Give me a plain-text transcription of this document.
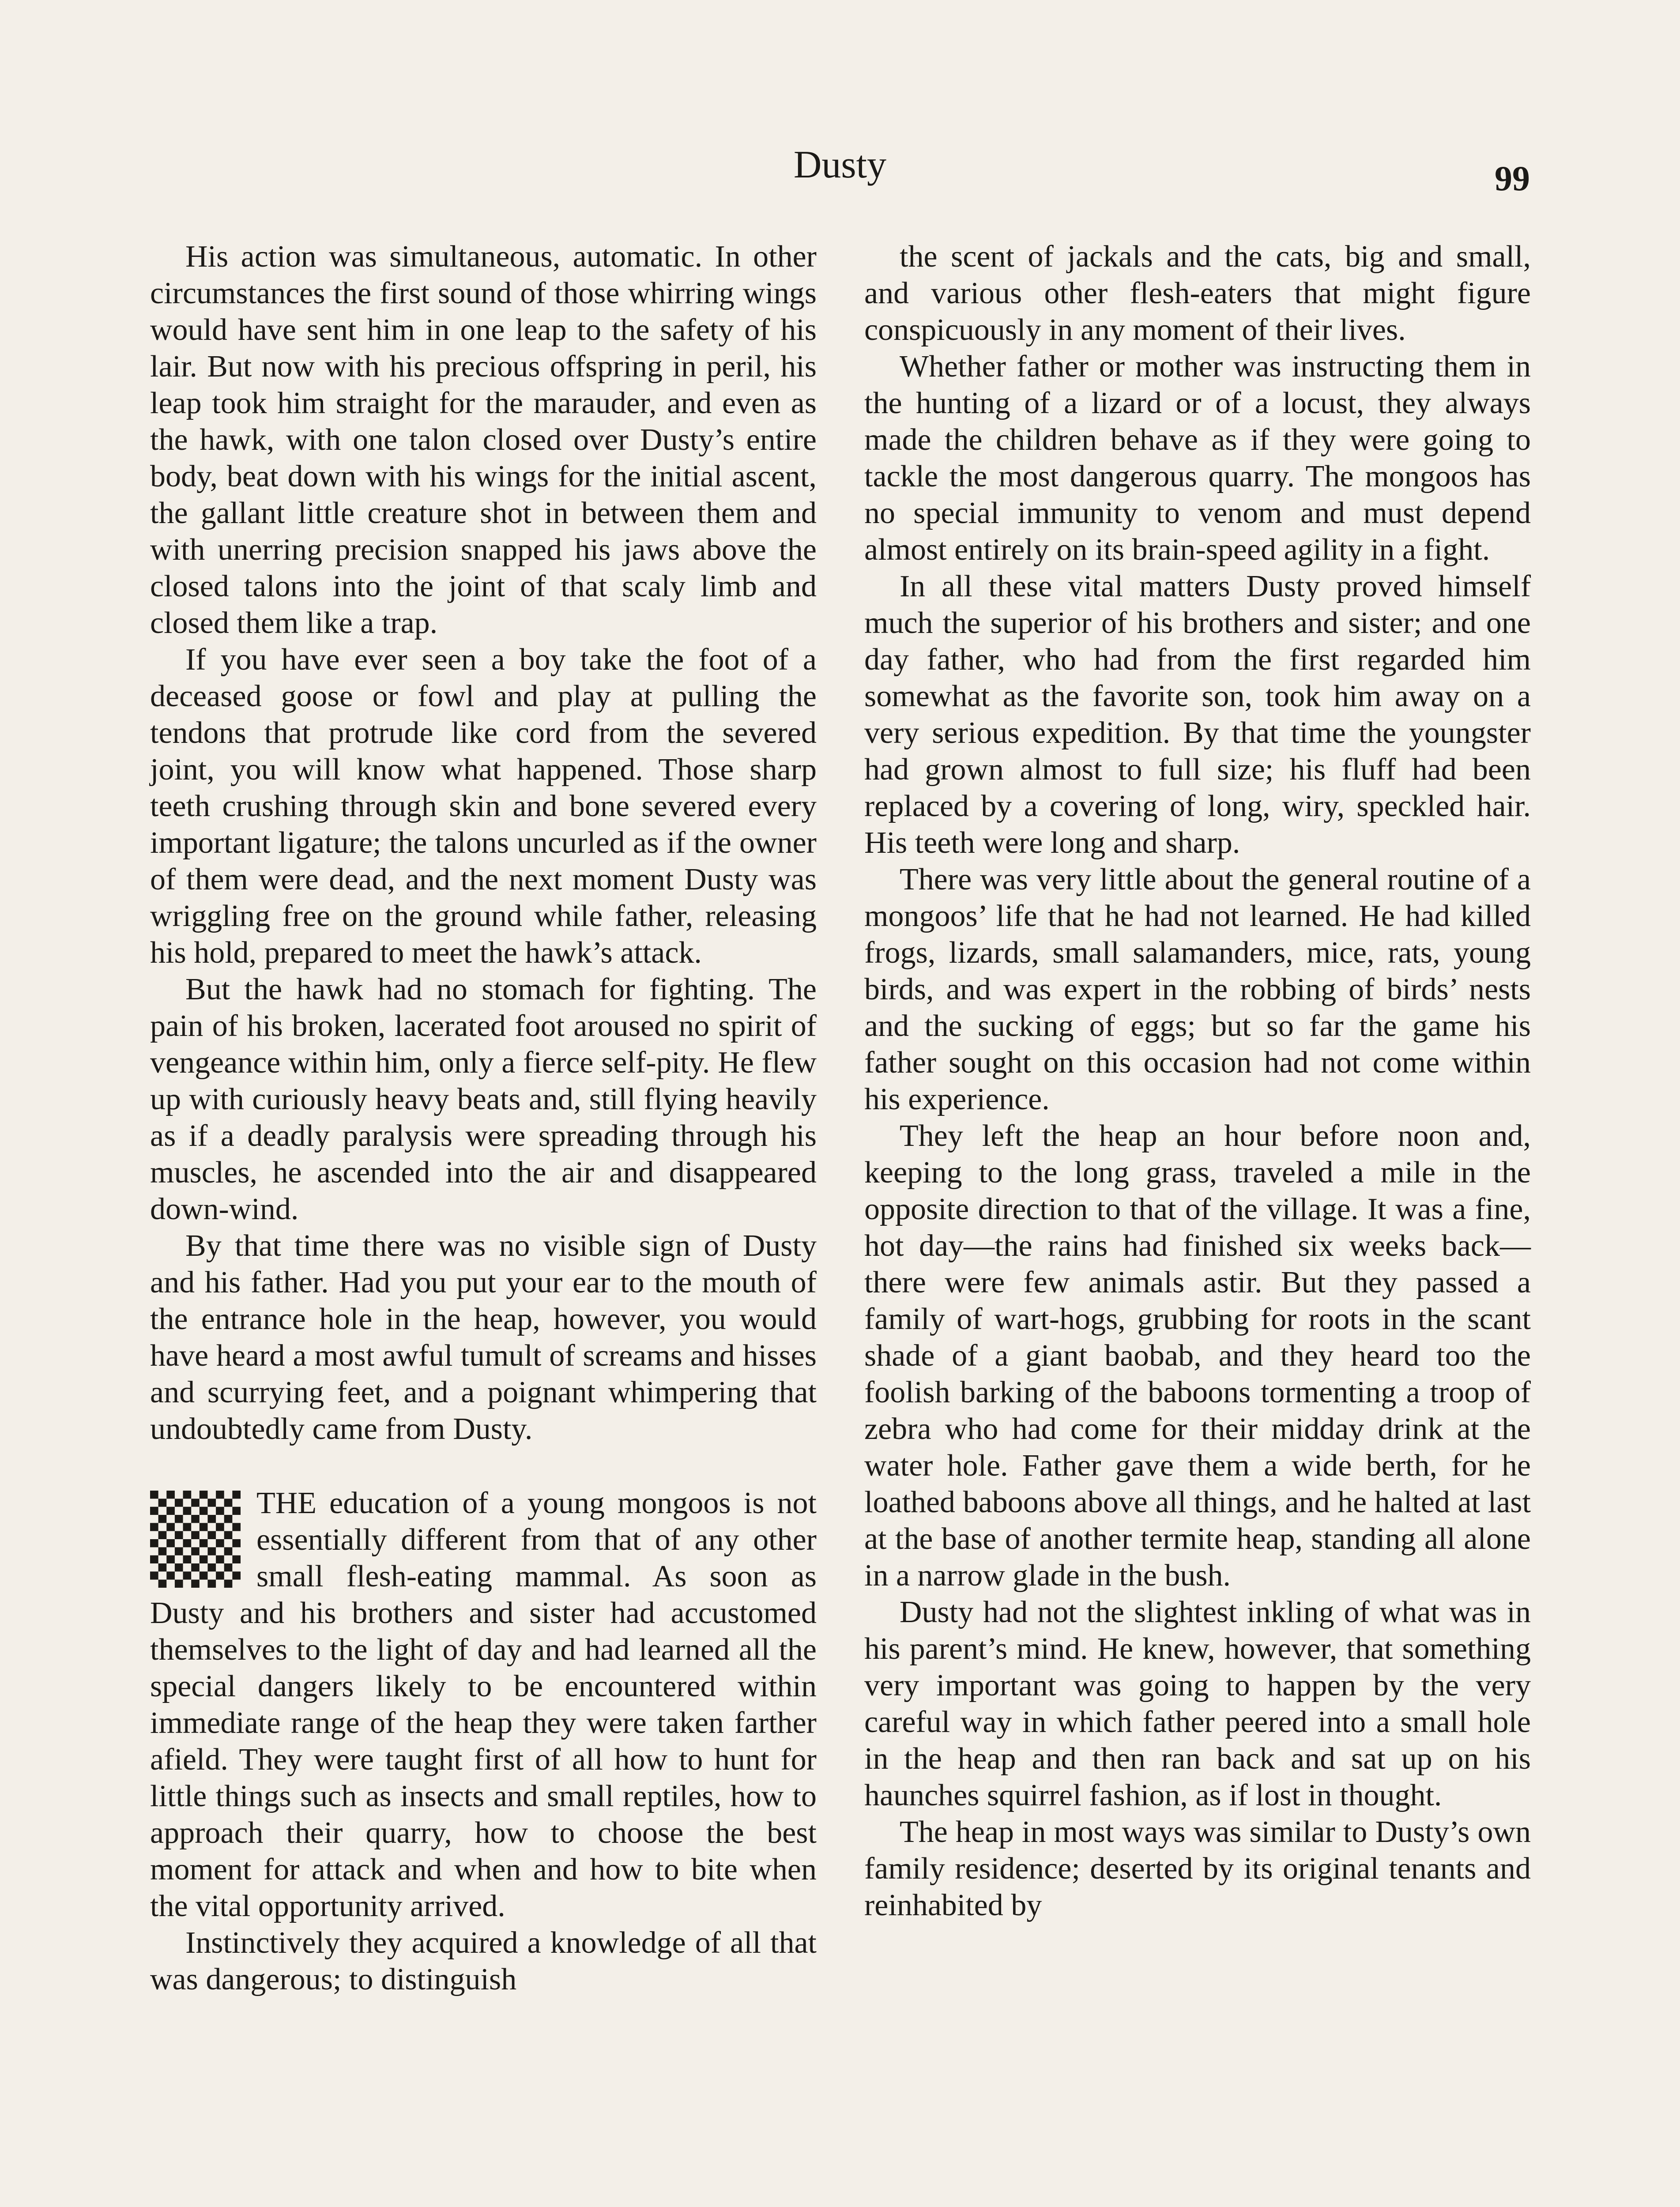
Dusty	99

His action was simultaneous, automatic. In other circumstances the first sound of those whirring wings would have sent him in one leap to the safety of his lair. But now with his precious offspring in peril, his leap took him straight for the marauder, and even as the hawk, with one talon closed over Dusty’s entire body, beat down with his wings for the initial ascent, the gallant little creature shot in between them and with unerring precision snapped his jaws above the closed talons into the joint of that scaly limb and closed them like a trap.

If you have ever seen a boy take the foot of a deceased goose or fowl and play at pulling the tendons that protrude like cord from the severed joint, you will know what happened. Those sharp teeth crushing through skin and bone severed every important ligature; the talons uncurled as if the owner of them were dead, and the next moment Dusty was wriggling free on the ground while father, releasing his hold, prepared to meet the hawk’s attack.

But the hawk had no stomach for fighting. The pain of his broken, lacerated foot aroused no spirit of vengeance within him, only a fierce self-pity. He flew up with curiously heavy beats and, still flying heavily as if a deadly paralysis were spreading through his muscles, he ascended into the air and disappeared down-wind.

By that time there was no visible sign of Dusty and his father. Had you put your ear to the mouth of the entrance hole in the heap, however, you would have heard a most awful tumult of screams and hisses and scurrying feet, and a poignant whimpering that undoubtedly came from Dusty.

THE education of a young mongoos is not essentially different from that of any other small flesh-eating mammal. As soon as Dusty and his brothers and sister had accustomed themselves to the light of day and had learned all the special dangers likely to be encountered within immediate range of the heap they were taken farther afield. They were taught first of all how to hunt for little things such as insects and small reptiles, how to approach their quarry, how to choose the best moment for attack and when and how to bite when the vital opportunity arrived.

Instinctively they acquired a knowledge of all that was dangerous; to distinguish

the scent of jackals and the cats, big and small, and various other flesh-eaters that might figure conspicuously in any moment of their lives.

Whether father or mother was instructing them in the hunting of a lizard or of a locust, they always made the children behave as if they were going to tackle the most dangerous quarry. The mongoos has no special immunity to venom and must depend almost entirely on its brain-speed agility in a fight.

In all these vital matters Dusty proved himself much the superior of his brothers and sister; and one day father, who had from the first regarded him somewhat as the favorite son, took him away on a very serious expedition. By that time the youngster had grown almost to full size; his fluff had been replaced by a covering of long, wiry, speckled hair. His teeth were long and sharp.

There was very little about the general routine of a mongoos’ life that he had not learned. He had killed frogs, lizards, small salamanders, mice, rats, young birds, and was expert in the robbing of birds’ nests and the sucking of eggs; but so far the game his father sought on this occasion had not come within his experience.

They left the heap an hour before noon and, keeping to the long grass, traveled a mile in the opposite direction to that of the village. It was a fine, hot day—the rains had finished six weeks back—there were few animals astir. But they passed a family of wart-hogs, grubbing for roots in the scant shade of a giant baobab, and they heard too the foolish barking of the baboons tormenting a troop of zebra who had come for their midday drink at the water hole. Father gave them a wide berth, for he loathed baboons above all things, and he halted at last at the base of another termite heap, standing all alone in a narrow glade in the bush.

Dusty had not the slightest inkling of what was in his parent’s mind. He knew, however, that something very important was going to happen by the very careful way in which father peered into a small hole in the heap and then ran back and sat up on his haunches squirrel fashion, as if lost in thought.

The heap in most ways was similar to Dusty’s own family residence; deserted by its original tenants and reinhabited by
